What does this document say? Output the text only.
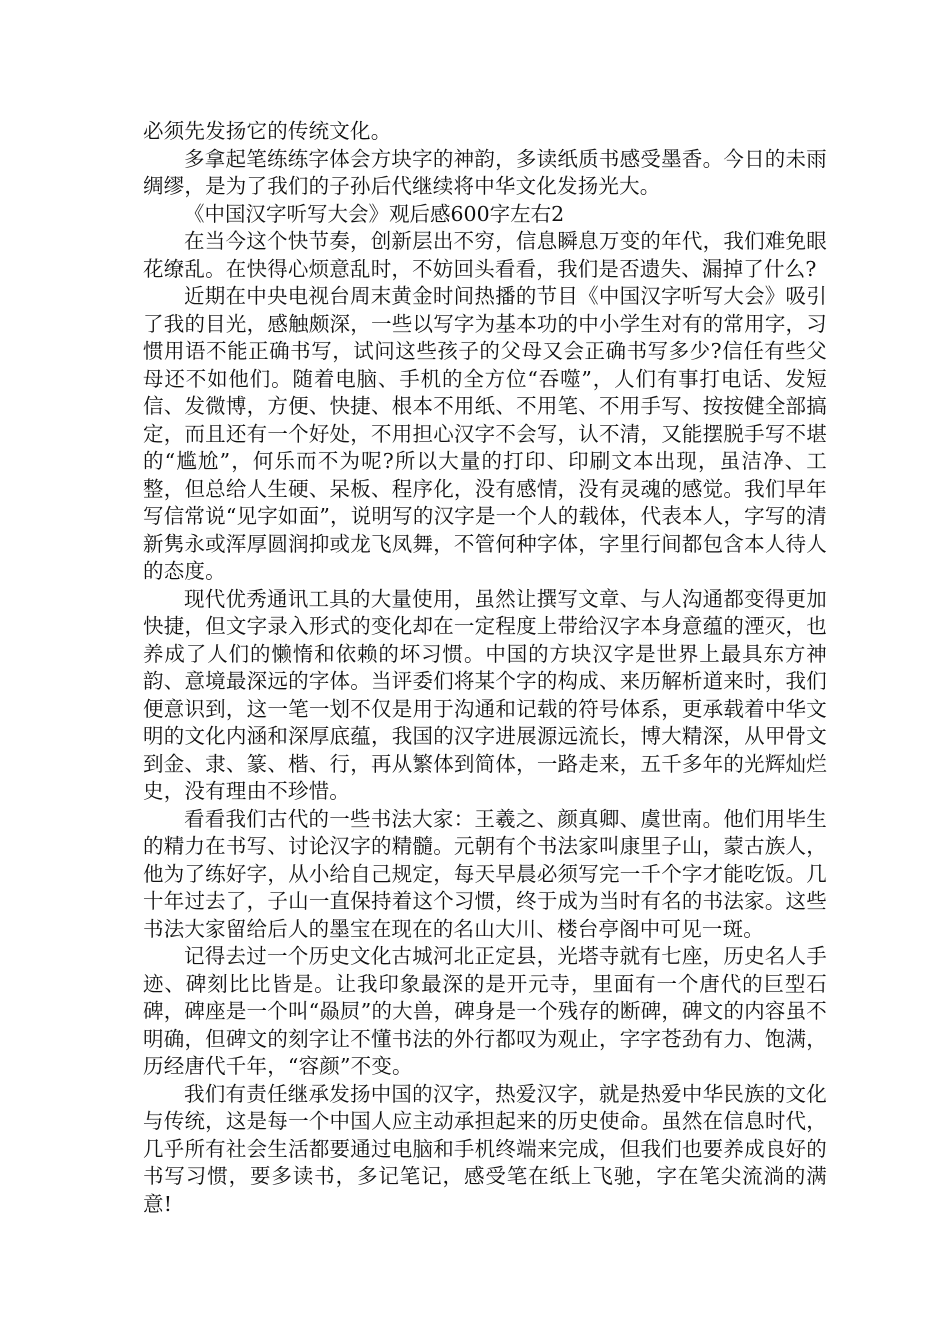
必须先发扬它的传统文化。

多拿起笔练练字体会方块字的神韵，多读纸质书感受墨香。今日的未雨绸缪，是为了我们的子孙后代继续将中华文化发扬光大。

《中国汉字听写大会》观后感600字左右2

在当今这个快节奏，创新层出不穷，信息瞬息万变的年代，我们难免眼花缭乱。在快得心烦意乱时，不妨回头看看，我们是否遗失、漏掉了什么?

近期在中央电视台周末黄金时间热播的节目《中国汉字听写大会》吸引了我的目光，感触颇深，一些以写字为基本功的中小学生对有的常用字，习惯用语不能正确书写，试问这些孩子的父母又会正确书写多少?信任有些父母还不如他们。随着电脑、手机的全方位“吞噬”，人们有事打电话、发短信、发微博，方便、快捷、根本不用纸、不用笔、不用手写、按按健全部搞定，而且还有一个好处，不用担心汉字不会写，认不清，又能摆脱手写不堪的“尴尬”，何乐而不为呢?所以大量的打印、印刷文本出现，虽洁净、工整，但总给人生硬、呆板、程序化，没有感情，没有灵魂的感觉。我们早年写信常说“见字如面”，说明写的汉字是一个人的载体，代表本人，字写的清新隽永或浑厚圆润抑或龙飞凤舞，不管何种字体，字里行间都包含本人待人的态度。

现代优秀通讯工具的大量使用，虽然让撰写文章、与人沟通都变得更加快捷，但文字录入形式的变化却在一定程度上带给汉字本身意蕴的湮灭，也养成了人们的懒惰和依赖的坏习惯。中国的方块汉字是世界上最具东方神韵、意境最深远的字体。当评委们将某个字的构成、来历解析道来时，我们便意识到，这一笔一划不仅是用于沟通和记载的符号体系，更承载着中华文明的文化内涵和深厚底蕴，我国的汉字进展源远流长，博大精深，从甲骨文到金、隶、篆、楷、行，再从繁体到简体，一路走来，五千多年的光辉灿烂史，没有理由不珍惜。

看看我们古代的一些书法大家：王羲之、颜真卿、虞世南。他们用毕生的精力在书写、讨论汉字的精髓。元朝有个书法家叫康里子山，蒙古族人，他为了练好字，从小给自己规定，每天早晨必须写完一千个字才能吃饭。几十年过去了，子山一直保持着这个习惯，终于成为当时有名的书法家。这些书法大家留给后人的墨宝在现在的名山大川、楼台亭阁中可见一斑。

记得去过一个历史文化古城河北正定县，光塔寺就有七座，历史名人手迹、碑刻比比皆是。让我印象最深的是开元寺，里面有一个唐代的巨型石碑，碑座是一个叫“赑屃”的大兽，碑身是一个残存的断碑，碑文的内容虽不明确，但碑文的刻字让不懂书法的外行都叹为观止，字字苍劲有力、饱满，历经唐代千年，“容颜”不变。

我们有责任继承发扬中国的汉字，热爱汉字，就是热爱中华民族的文化与传统，这是每一个中国人应主动承担起来的历史使命。虽然在信息时代，几乎所有社会生活都要通过电脑和手机终端来完成，但我们也要养成良好的书写习惯，要多读书，多记笔记，感受笔在纸上飞驰，字在笔尖流淌的满意!
